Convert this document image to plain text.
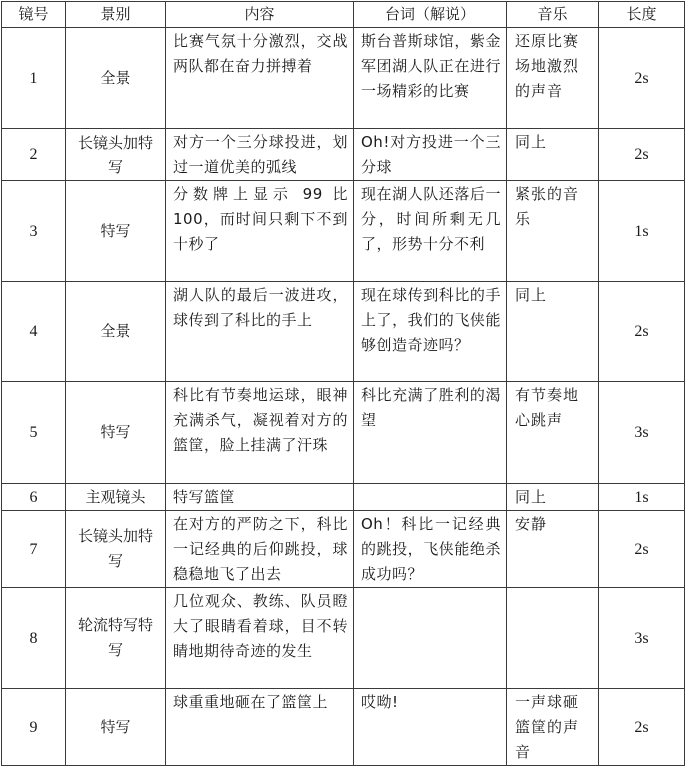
镜号	景别	内容	台词（解说）	音乐	长度
1	全景	比赛气氛十分激烈，交战两队都在奋力拼搏着	斯台普斯球馆，紫金军团湖人队正在进行一场精彩的比赛	还原比赛场地激烈的声音	2s
2	长镜头加特写	对方一个三分球投进，划过一道优美的弧线	Oh!对方投进一个三分球	同上	2s
3	特写	分数牌上显示 99 比 100，而时间只剩下不到十秒了	现在湖人队还落后一分，时间所剩无几了，形势十分不利	紧张的音乐	1s
4	全景	湖人队的最后一波进攻，球传到了科比的手上	现在球传到科比的手上了，我们的飞侠能够创造奇迹吗？	同上	2s
5	特写	科比有节奏地运球，眼神充满杀气，凝视着对方的篮筐，脸上挂满了汗珠	科比充满了胜利的渴望	有节奏地心跳声	3s
6	主观镜头	特写篮筐		同上	1s
7	长镜头加特写	在对方的严防之下，科比一记经典的后仰跳投，球稳稳地飞了出去	Oh！科比一记经典的跳投，飞侠能绝杀成功吗？	安静	2s
8	轮流特写特写	几位观众、教练、队员瞪大了眼睛看着球，目不转睛地期待奇迹的发生			3s
9	特写	球重重地砸在了篮筐上	哎呦!	一声球砸篮筐的声音	2s
